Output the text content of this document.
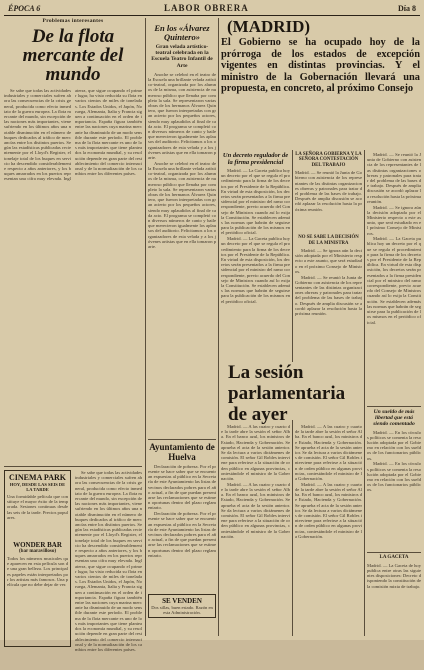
ÉPOCA 6	LABOR OBRERA	Día 8
Problemas interesantes
De la flota mercante del mundo

Se sabe que todas las actividades industriales y comerciales sufren ahora las consecuencias de la crisis general, producida como efecto inmediato de la guerra europea. La flota mercante del mundo, sin excepción de las naciones más importantes, viene sufriendo en los últimos años una notable disminución en el número de buques dedicados al tráfico de mercancías entre los distintos puertos. Según las estadísticas publicadas recientemente por el Lloyd's Register, el tonelaje total de los buques en servicio ha descendido considerablemente respecto a años anteriores, y los buques amarrados en los puertos representan una cifra muy elevada. Inglaterra, que sigue ocupando el primer lugar, ha visto reducida su flota en varios cientos de miles de toneladas. Los Estados Unidos, el Japón, Noruega, Alemania, Italia y Francia siguen a continuación en el orden de importancia. España figura también entre las naciones cuya marina mercante ha disminuido de un modo sensible durante este período. El problema de la flota mercante es uno de los más importantes que tiene planteados la economía mundial, y su resolución depende en gran parte del restablecimiento del comercio internacional y de la normalización de los cambios entre los diferentes países.

CINEMA PARK
HOY, DESDE LAS SEIS DE LA TARDE
Una formidable película que constituye el mayor éxito de la temporada. Sesiones continuas desde las seis de la tarde. Precios populares.
WONDER BAR
(bar maravilloso)
Todos los números musicales que aparecen en esta película son de una gran belleza. Los principales papeles están interpretados por los artistas más famosos. Una película que no debe dejar de ver.

Se sabe que todas las actividades industriales y comerciales sufren ahora las consecuencias de la crisis general, producida como efecto inmediato de la guerra europea. La flota mercante del mundo, sin excepción de las naciones más importantes, viene sufriendo en los últimos años una notable disminución en el número de buques dedicados al tráfico de mercancías entre los distintos puertos. Según las estadísticas publicadas recientemente por el Lloyd's Register, el tonelaje total de los buques en servicio ha descendido considerablemente respecto a años anteriores, y los buques amarrados en los puertos representan una cifra muy elevada. Inglaterra, que sigue ocupando el primer lugar, ha visto reducida su flota en varios cientos de miles de toneladas. Los Estados Unidos, el Japón, Noruega, Alemania, Italia y Francia siguen a continuación en el orden de importancia. España figura también entre las naciones cuya marina mercante ha disminuido de un modo sensible durante este período. El problema de la flota mercante es uno de los más importantes que tiene planteados la economía mundial, y su resolución depende en gran parte del restablecimiento del comercio internacional y de la normalización de los cambios entre los diferentes países.

En los «Álvarez Quintero»
Gran velada artístico-teatral celebrada en la Escuela Teatro Infantil de Arte

Anoche se celebró en el teatro de la Escuela una brillante velada artístico-teatral, organizada por los alumnos de la misma, con asistencia de numeroso público que llenaba por completo la sala. Se representaron varias obras de los hermanos Álvarez Quintero, que fueron interpretadas con gran acierto por los pequeños actores, siendo muy aplaudidos al final de cada acto. El programa se completó con diversos números de canto y baile que merecieron igualmente los aplausos del auditorio. Felicitamos a los organizadores de esta velada y a los jóvenes artistas que en ella tomaron parte.

Anoche se celebró en el teatro de la Escuela una brillante velada artístico-teatral, organizada por los alumnos de la misma, con asistencia de numeroso público que llenaba por completo la sala. Se representaron varias obras de los hermanos Álvarez Quintero, que fueron interpretadas con gran acierto por los pequeños actores, siendo muy aplaudidos al final de cada acto. El programa se completó con diversos números de canto y baile que merecieron igualmente los aplausos del auditorio. Felicitamos a los organizadores de esta velada y a los jóvenes artistas que en ella tomaron parte.

Ayuntamiento de Huelva

Declaración de pobreza. Por el presente se hace saber que se encuentran expuestas al público en la Secretaría de este Ayuntamiento las listas de vecinos declarados pobres para el año actual, a fin de que puedan presentarse las reclamaciones que se estimen oportunas dentro del plazo reglamentario.

Declaración de pobreza. Por el presente se hace saber que se encuentran expuestas al público en la Secretaría de este Ayuntamiento las listas de vecinos declarados pobres para el año actual, a fin de que puedan presentarse las reclamaciones que se estimen oportunas dentro del plazo reglamentario.

SE VENDEN
Dos sillas, buen estado. Razón en esta Administración.
(MADRID)
El Gobierno se ha ocupado hoy de la prórroga de los estados de excepción vigentes en distintas provincias. Y el ministro de la Gobernación llevará una propuesta, en concreto, al próximo Consejo
Un decreto regulador de la firma presidencial

Madrid. — La Gaceta publica hoy un decreto por el que se regula el procedimiento para la firma de los decretos por el Presidente de la República. En virtud de esta disposición, los decretos serán presentados a la firma presidencial por el ministro del ramo correspondiente, previo acuerdo del Consejo de Ministros cuando así lo exija la Constitución. Se establecen además las normas que habrán de seguirse para la publicación de los mismos en el periódico oficial.

Madrid. — La Gaceta publica hoy un decreto por el que se regula el procedimiento para la firma de los decretos por el Presidente de la República. En virtud de esta disposición, los decretos serán presentados a la firma presidencial por el ministro del ramo correspondiente, previo acuerdo del Consejo de Ministros cuando así lo exija la Constitución. Se establecen además las normas que habrán de seguirse para la publicación de los mismos en el periódico oficial.

LA SEÑORA GOBIERNA Y LA SEÑORA CONTESTACIÓN DEL TRABAJO
Madrid. — Se reunió la Junta de Gobierno con asistencia de los representantes de las distintas organizaciones obreras y patronales para tratar del problema de las bases de trabajo. Después de amplia discusión se acordó aplazar la resolución hasta la próxima reunión.
NO SE SABE LA DECISIÓN DE LA MINISTRA

Madrid. — Se ignora aún la decisión adoptada por el Ministerio respecto a este asunto, que será estudiado en el próximo Consejo de Ministros.

Madrid. — Se reunió la Junta de Gobierno con asistencia de los representantes de las distintas organizaciones obreras y patronales para tratar del problema de las bases de trabajo. Después de amplia discusión se acordó aplazar la resolución hasta la próxima reunión.

Madrid. — Se reunió la Junta de Gobierno con asistencia de los representantes de las distintas organizaciones obreras y patronales para tratar del problema de las bases de trabajo. Después de amplia discusión se acordó aplazar la resolución hasta la próxima reunión.

Madrid. — Se ignora aún la decisión adoptada por el Ministerio respecto a este asunto, que será estudiado en el próximo Consejo de Ministros.

Madrid. — La Gaceta publica hoy un decreto por el que se regula el procedimiento para la firma de los decretos por el Presidente de la República. En virtud de esta disposición, los decretos serán presentados a la firma presidencial por el ministro del ramo correspondiente, previo acuerdo del Consejo de Ministros cuando así lo exija la Constitución. Se establecen además las normas que habrán de seguirse para la publicación de los mismos en el periódico oficial.

La sesión parlamentaria de ayer

Madrid. — A las cuatro y cuarto de la tarde abre la sesión el señor Alba. En el banco azul, los ministros de Estado, Hacienda y Gobernación. Se aprueba el acta de la sesión anterior. Se da lectura a varios dictámenes de comisión. El señor Gil Robles interviene para referirse a la situación de orden público en algunas provincias, contestándole el ministro de la Gobernación.

Madrid. — A las cuatro y cuarto de la tarde abre la sesión el señor Alba. En el banco azul, los ministros de Estado, Hacienda y Gobernación. Se aprueba el acta de la sesión anterior. Se da lectura a varios dictámenes de comisión. El señor Gil Robles interviene para referirse a la situación de orden público en algunas provincias, contestándole el ministro de la Gobernación.

Madrid. — A las cuatro y cuarto de la tarde abre la sesión el señor Alba. En el banco azul, los ministros de Estado, Hacienda y Gobernación. Se aprueba el acta de la sesión anterior. Se da lectura a varios dictámenes de comisión. El señor Gil Robles interviene para referirse a la situación de orden público en algunas provincias, contestándole el ministro de la Gobernación.

Madrid. — A las cuatro y cuarto de la tarde abre la sesión el señor Alba. En el banco azul, los ministros de Estado, Hacienda y Gobernación. Se aprueba el acta de la sesión anterior. Se da lectura a varios dictámenes de comisión. El señor Gil Robles interviene para referirse a la situación de orden público en algunas provincias, contestándole el ministro de la Gobernación.

Un sueldo de más libertad que está siendo comentado

Madrid. — En los círculos políticos se comenta la resolución adoptada por el Gobierno en relación con los sueldos de los funcionarios públicos.

Madrid. — En los círculos políticos se comenta la resolución adoptada por el Gobierno en relación con los sueldos de los funcionarios públicos.

LA GACETA
Madrid. — La Gaceta de hoy publica entre otras las siguientes disposiciones: Decreto disponiendo la constitución de la comisión mixta de trabajo.
